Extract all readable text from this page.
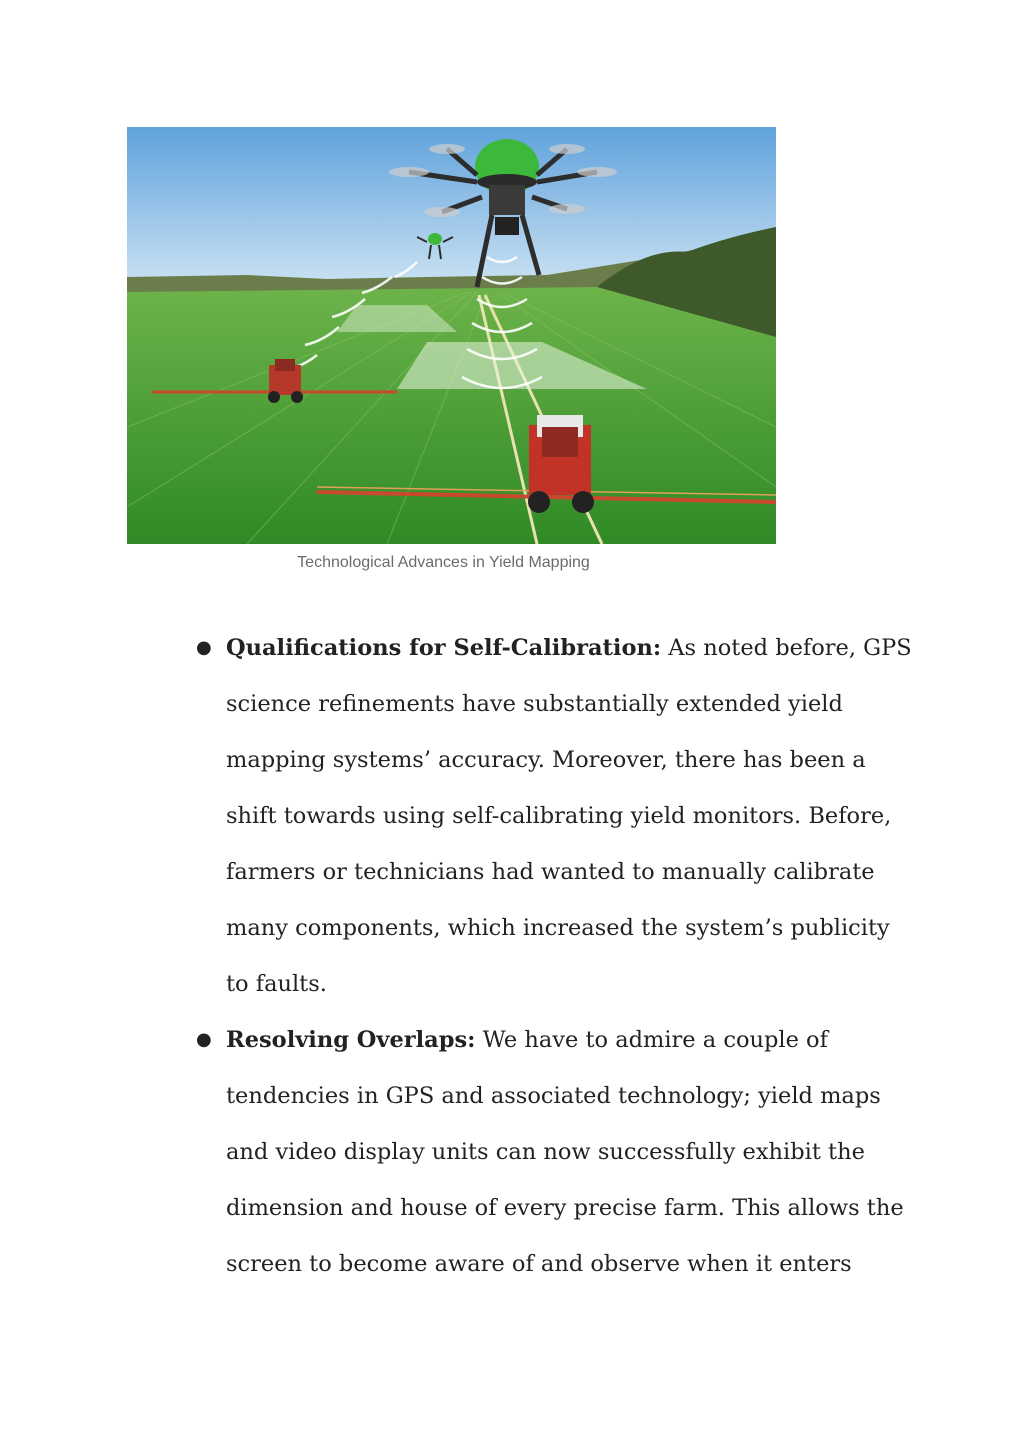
Technological Advances in Yield Mapping
● Qualifications for Self-Calibration: As noted before, GPS science refinements have substantially extended yield mapping systems’ accuracy. Moreover, there has been a shift towards using self-calibrating yield monitors. Before, farmers or technicians had wanted to manually calibrate many components, which increased the system’s publicity to faults.
● Resolving Overlaps: We have to admire a couple of tendencies in GPS and associated technology; yield maps and video display units can now successfully exhibit the dimension and house of every precise farm. This allows the screen to become aware of and observe when it enters
